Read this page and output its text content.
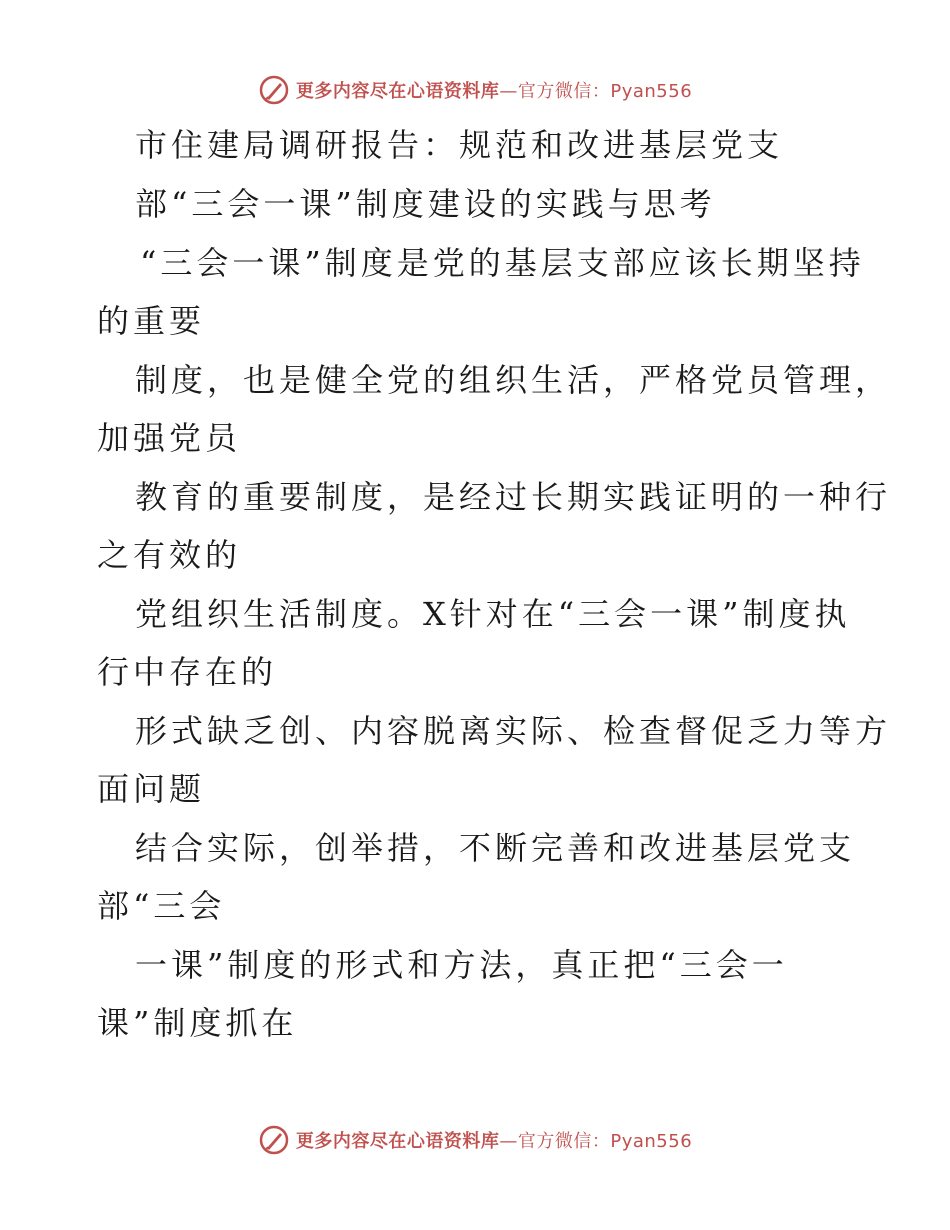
更多内容尽在心语资料库 —官方微信：Pyan556
市住建局调研报告：规范和改进基层党支
部“三会一课”制度建设的实践与思考
“三会一课”制度是党的基层支部应该长期坚持
的重要
制度，也是健全党的组织生活，严格党员管理，
加强党员
教育的重要制度，是经过长期实践证明的一种行
之有效的
党组织生活制度。X针对在“三会一课”制度执
行中存在的
形式缺乏创、内容脱离实际、检查督促乏力等方
面问题
结合实际，创举措，不断完善和改进基层党支
部“三会
一课”制度的形式和方法，真正把“三会一
课”制度抓在
更多内容尽在心语资料库 —官方微信：Pyan556
